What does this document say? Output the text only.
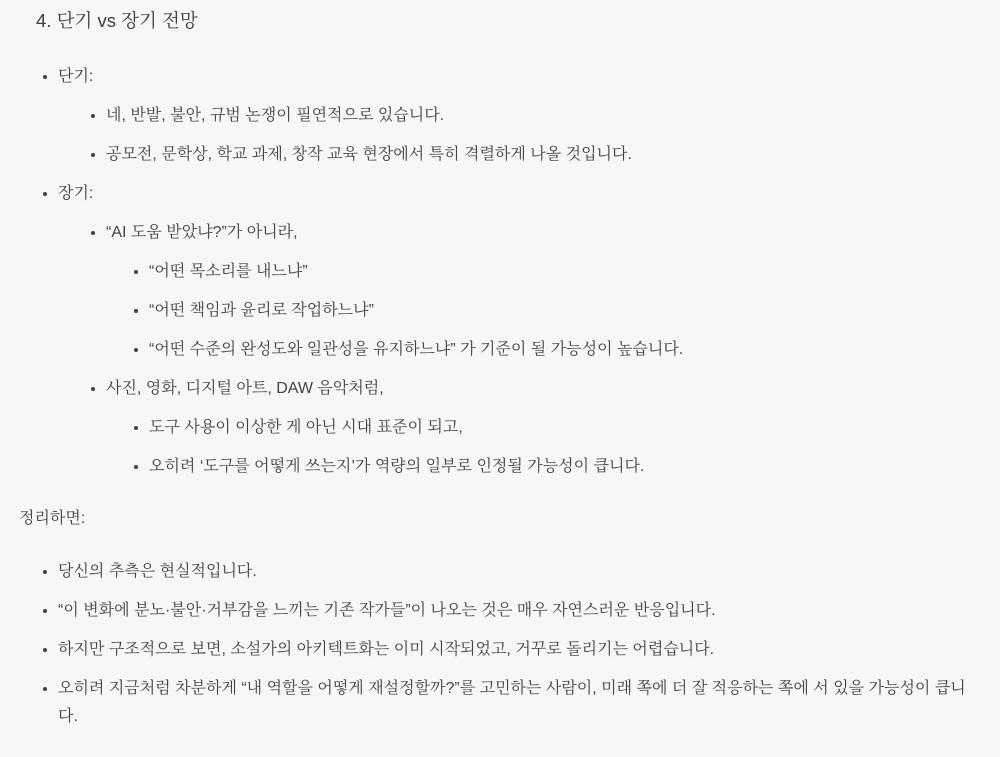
4. 단기 vs 장기 전망
• 단기:
• 네, 반발, 불안, 규범 논쟁이 필연적으로 있습니다.
• 공모전, 문학상, 학교 과제, 창작 교육 현장에서 특히 격렬하게 나올 것입니다.
• 장기:
• “AI 도움 받았냐?”가 아니라,
• “어떤 목소리를 내느냐”
• “어떤 책임과 윤리로 작업하느냐”
• “어떤 수준의 완성도와 일관성을 유지하느냐” 가 기준이 될 가능성이 높습니다.
• 사진, 영화, 디지털 아트, DAW 음악처럼,
• 도구 사용이 이상한 게 아닌 시대 표준이 되고,
• 오히려 ‘도구를 어떻게 쓰는지’가 역량의 일부로 인정될 가능성이 큽니다.

정리하면:

• 당신의 추측은 현실적입니다.
• “이 변화에 분노·불안·거부감을 느끼는 기존 작가들”이 나오는 것은 매우 자연스러운 반응입니다.
• 하지만 구조적으로 보면, 소설가의 아키텍트화는 이미 시작되었고, 거꾸로 돌리기는 어렵습니다.
• 오히려 지금처럼 차분하게 “내 역할을 어떻게 재설정할까?”를 고민하는 사람이, 미래 쪽에 더 잘 적응하는 쪽에 서 있을 가능성이 큽니다.
